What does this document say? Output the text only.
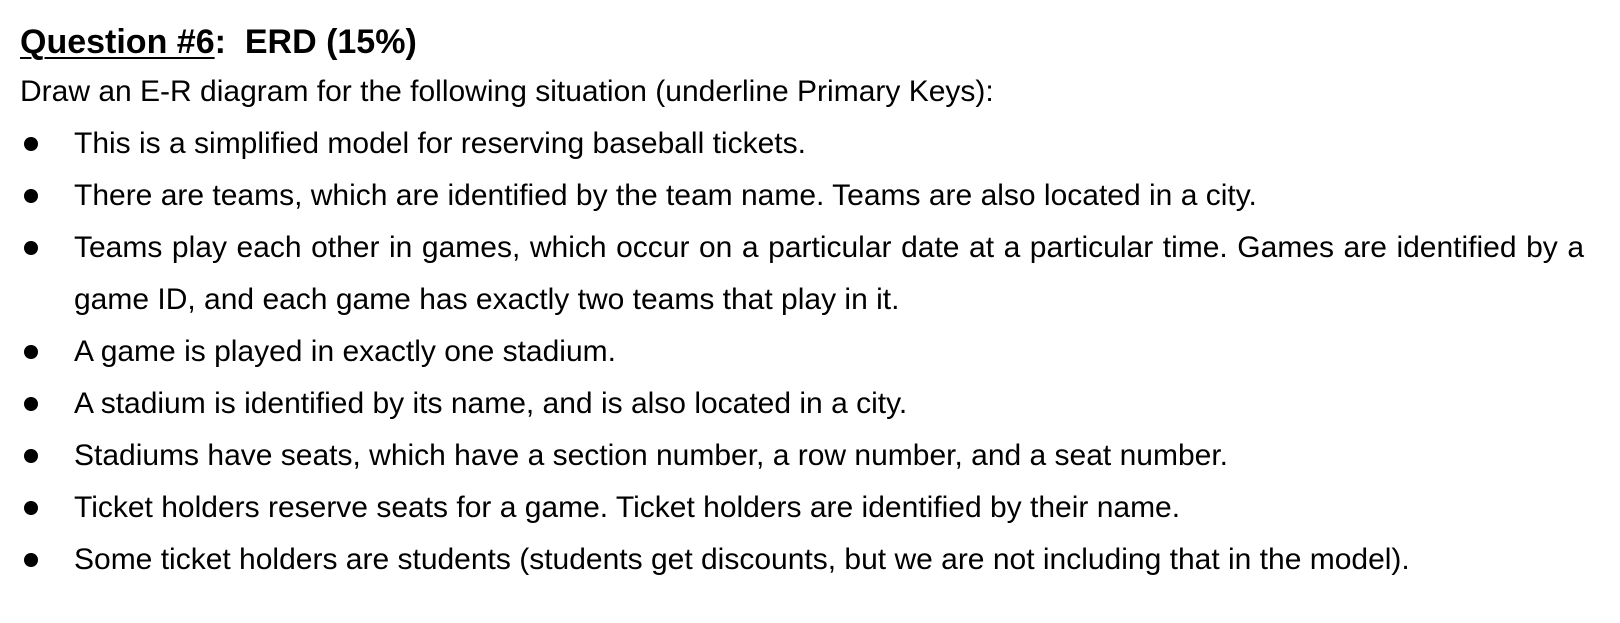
Question #6: ERD (15%)
Draw an E-R diagram for the following situation (underline Primary Keys):
This is a simplified model for reserving baseball tickets.
There are teams, which are identified by the team name. Teams are also located in a city.
Teams play each other in games, which occur on a particular date at a particular time. Games are identified by a game ID, and each game has exactly two teams that play in it.
A game is played in exactly one stadium.
A stadium is identified by its name, and is also located in a city.
Stadiums have seats, which have a section number, a row number, and a seat number.
Ticket holders reserve seats for a game. Ticket holders are identified by their name.
Some ticket holders are students (students get discounts, but we are not including that in the model).
